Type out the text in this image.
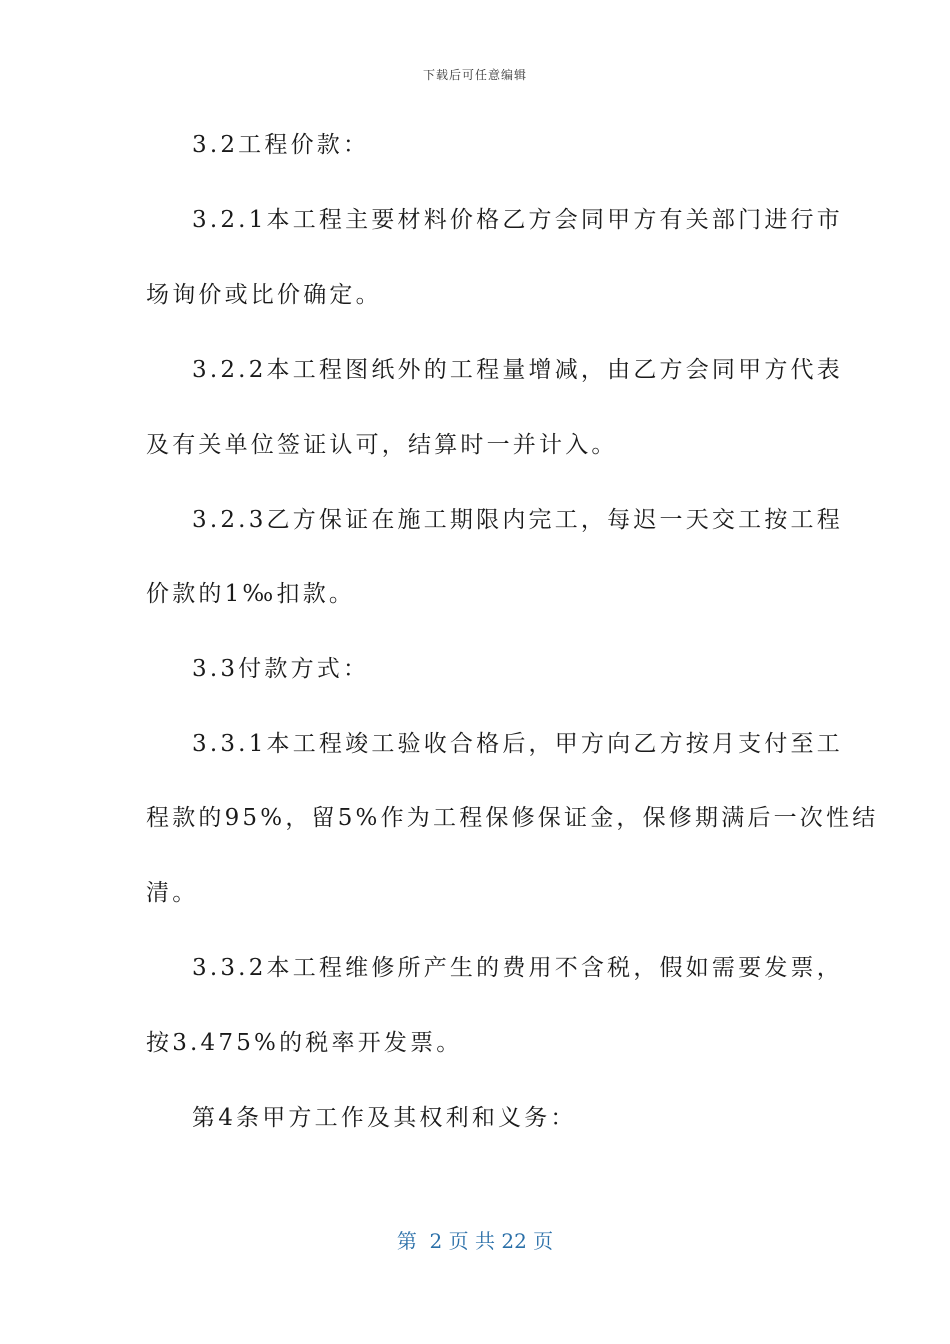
下载后可任意编辑
3.2工程价款：
3.2.1本工程主要材料价格乙方会同甲方有关部门进行市
场询价或比价确定。
3.2.2本工程图纸外的工程量增减，由乙方会同甲方代表
及有关单位签证认可，结算时一并计入。
3.2.3乙方保证在施工期限内完工，每迟一天交工按工程
价款的1‰扣款。
3.3付款方式：
3.3.1本工程竣工验收合格后，甲方向乙方按月支付至工
程款的95%，留5%作为工程保修保证金，保修期满后一次性结
清。
3.3.2本工程维修所产生的费用不含税，假如需要发票，
按3.475%的税率开发票。
第4条甲方工作及其权利和义务：
第  2 页 共 22 页
